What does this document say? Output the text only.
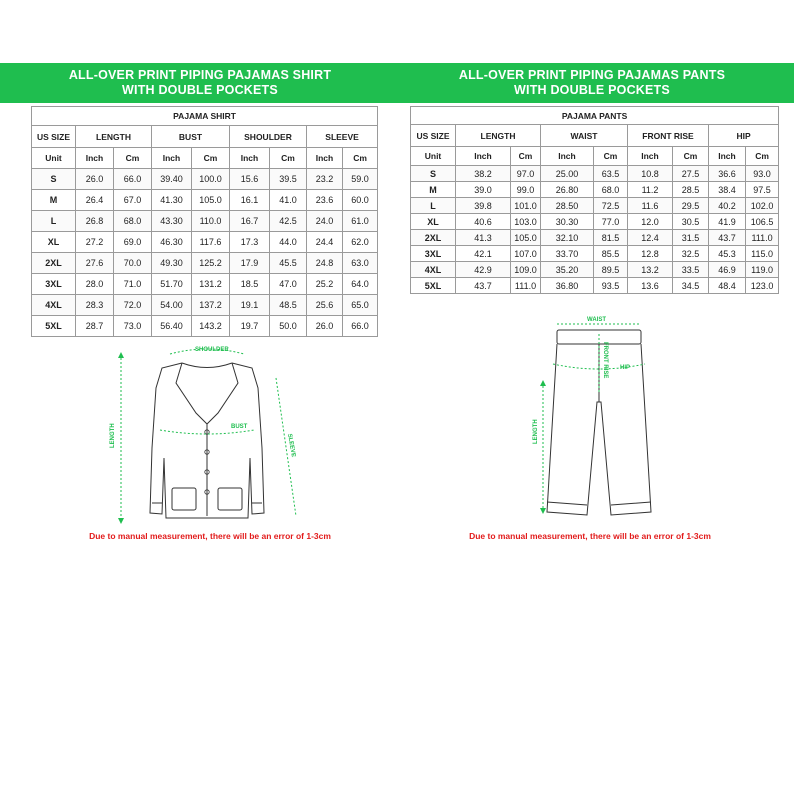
ALL-OVER PRINT PIPING PAJAMAS SHIRT
WITH DOUBLE POCKETS
ALL-OVER PRINT PIPING PAJAMAS PANTS
WITH DOUBLE POCKETS
PAJAMA SHIRT								
US SIZE	LENGTH		BUST		SHOULDER		SLEEVE	
Unit	Inch	Cm	Inch	Cm	Inch	Cm	Inch	Cm
S	26.0	66.0	39.40	100.0	15.6	39.5	23.2	59.0
M	26.4	67.0	41.30	105.0	16.1	41.0	23.6	60.0
L	26.8	68.0	43.30	110.0	16.7	42.5	24.0	61.0
XL	27.2	69.0	46.30	117.6	17.3	44.0	24.4	62.0
2XL	27.6	70.0	49.30	125.2	17.9	45.5	24.8	63.0
3XL	28.0	71.0	51.70	131.2	18.5	47.0	25.2	64.0
4XL	28.3	72.0	54.00	137.2	19.1	48.5	25.6	65.0
5XL	28.7	73.0	56.40	143.2	19.7	50.0	26.0	66.0
PAJAMA PANTS								
US SIZE	LENGTH		WAIST		FRONT RISE		HIP	
Unit	Inch	Cm	Inch	Cm	Inch	Cm	Inch	Cm
S	38.2	97.0	25.00	63.5	10.8	27.5	36.6	93.0
M	39.0	99.0	26.80	68.0	11.2	28.5	38.4	97.5
L	39.8	101.0	28.50	72.5	11.6	29.5	40.2	102.0
XL	40.6	103.0	30.30	77.0	12.0	30.5	41.9	106.5
2XL	41.3	105.0	32.10	81.5	12.4	31.5	43.7	111.0
3XL	42.1	107.0	33.70	85.5	12.8	32.5	45.3	115.0
4XL	42.9	109.0	35.20	89.5	13.2	33.5	46.9	119.0
5XL	43.7	111.0	36.80	93.5	13.6	34.5	48.4	123.0
SHOULDER
BUST
LENGTH	SLEEVE
WAIST
FRONT RISE HIP
LENGTH
Due to manual measurement, there will be an error of 1-3cm	Due to manual measurement, there will be an error of 1-3cm
